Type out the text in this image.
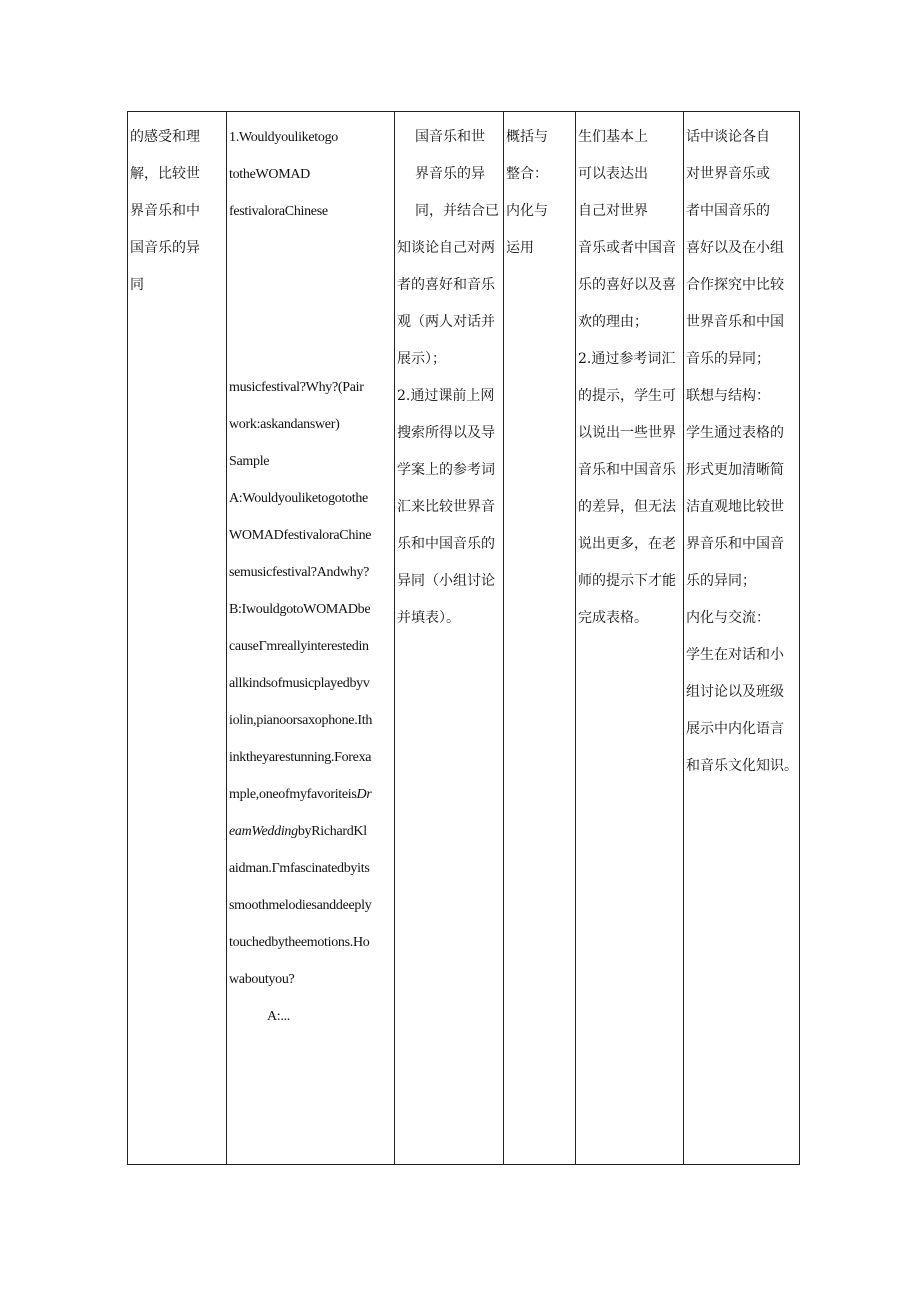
的感受和理
解，比较世
界音乐和中
国音乐的异
同

1.Wouldyouliketogo
totheWOMAD
festivaloraChinese
musicfestival?Why?(Pair
work:askandanswer)
Sample
A:Wouldyouliketogotothe
WOMADfestivaloraChine
semusicfestival?Andwhy?
B:IwouldgotoWOMADbe
causeΓmreallyinterestedin
allkindsofmusicplayedbyv
iolin,pianoorsaxophone.Ith
inktheyarestunning.Forexa
mple,oneofmyfavoriteisDr
eamWeddingbyRichardKl
aidman.Γmfascinatedbyits
smoothmelodiesanddeeply
touchedbytheemotions.Ho
waboutyou?
A:...

国音乐和世
界音乐的异
同，并结合已
知谈论自己对两
者的喜好和音乐
观（两人对话并
展示）；
2.通过课前上网
搜索所得以及导
学案上的参考词
汇来比较世界音
乐和中国音乐的
异同（小组讨论
并填表）。

概括与
整合：
内化与
运用

生们基本上
可以表达出
自己对世界
音乐或者中国音
乐的喜好以及喜
欢的理由；
2.通过参考词汇
的提示，学生可
以说出一些世界
音乐和中国音乐
的差异，但无法
说出更多，在老
师的提示下才能
完成表格。

话中谈论各自
对世界音乐或
者中国音乐的
喜好以及在小组
合作探究中比较
世界音乐和中国
音乐的异同；
联想与结构：
学生通过表格的
形式更加清晰简
洁直观地比较世
界音乐和中国音
乐的异同；
内化与交流：
学生在对话和小
组讨论以及班级
展示中内化语言
和音乐文化知识。
